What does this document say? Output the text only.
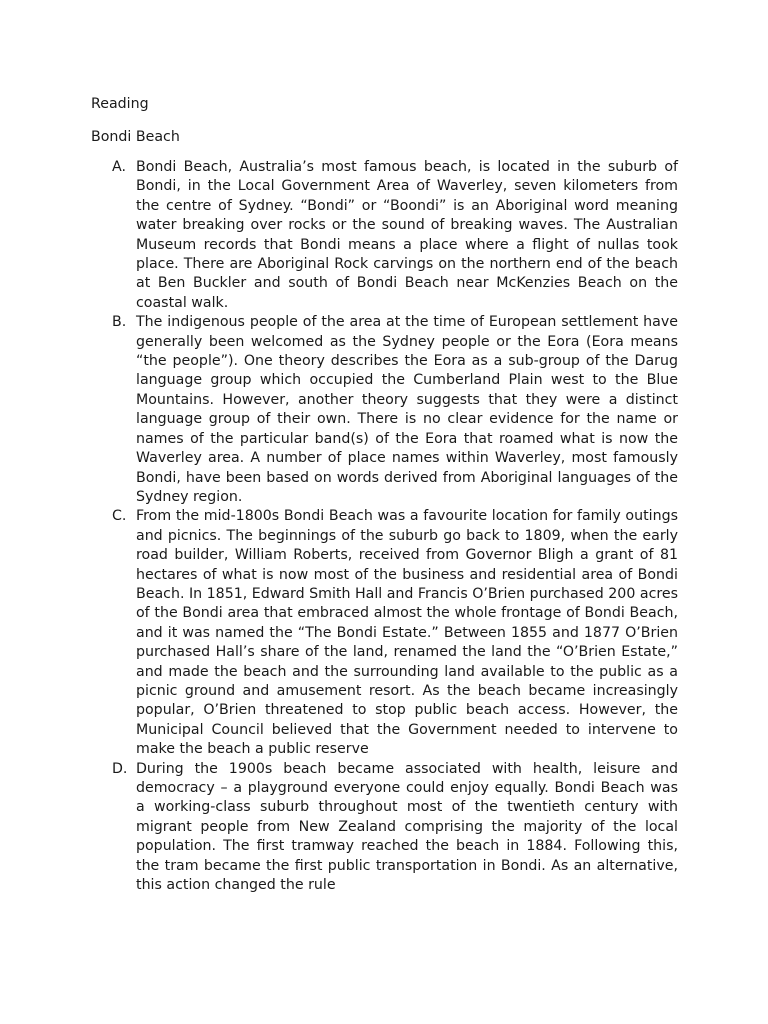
Reading

Bondi Beach

A. Bondi Beach, Australia’s most famous beach, is located in the suburb of Bondi, in the Local Government Area of Waverley, seven kilometers from the centre of Sydney. “Bondi” or “Boondi” is an Aboriginal word meaning water breaking over rocks or the sound of breaking waves. The Australian Museum records that Bondi means a place where a flight of nullas took place. There are Aboriginal Rock carvings on the northern end of the beach at Ben Buckler and south of Bondi Beach near McKenzies Beach on the coastal walk.

B. The indigenous people of the area at the time of European settlement have generally been welcomed as the Sydney people or the Eora (Eora means “the people”). One theory describes the Eora as a sub-group of the Darug language group which occupied the Cumberland Plain west to the Blue Mountains. However, another theory suggests that they were a distinct language group of their own. There is no clear evidence for the name or names of the particular band(s) of the Eora that roamed what is now the Waverley area. A number of place names within Waverley, most famously Bondi, have been based on words derived from Aboriginal languages of the Sydney region.

C. From the mid-1800s Bondi Beach was a favourite location for family outings and picnics. The beginnings of the suburb go back to 1809, when the early road builder, William Roberts, received from Governor Bligh a grant of 81 hectares of what is now most of the business and residential area of Bondi Beach. In 1851, Edward Smith Hall and Francis O’Brien purchased 200 acres of the Bondi area that embraced almost the whole frontage of Bondi Beach, and it was named the “The Bondi Estate.” Between 1855 and 1877 O’Brien purchased Hall’s share of the land, renamed the land the “O’Brien Estate,” and made the beach and the surrounding land available to the public as a picnic ground and amusement resort. As the beach became increasingly popular, O’Brien threatened to stop public beach access. However, the Municipal Council believed that the Government needed to intervene to make the beach a public reserve

D. During the 1900s beach became associated with health, leisure and democracy – a playground everyone could enjoy equally. Bondi Beach was a working-class suburb throughout most of the twentieth century with migrant people from New Zealand comprising the majority of the local population. The first tramway reached the beach in 1884. Following this, the tram became the first public transportation in Bondi. As an alternative, this action changed the rule
